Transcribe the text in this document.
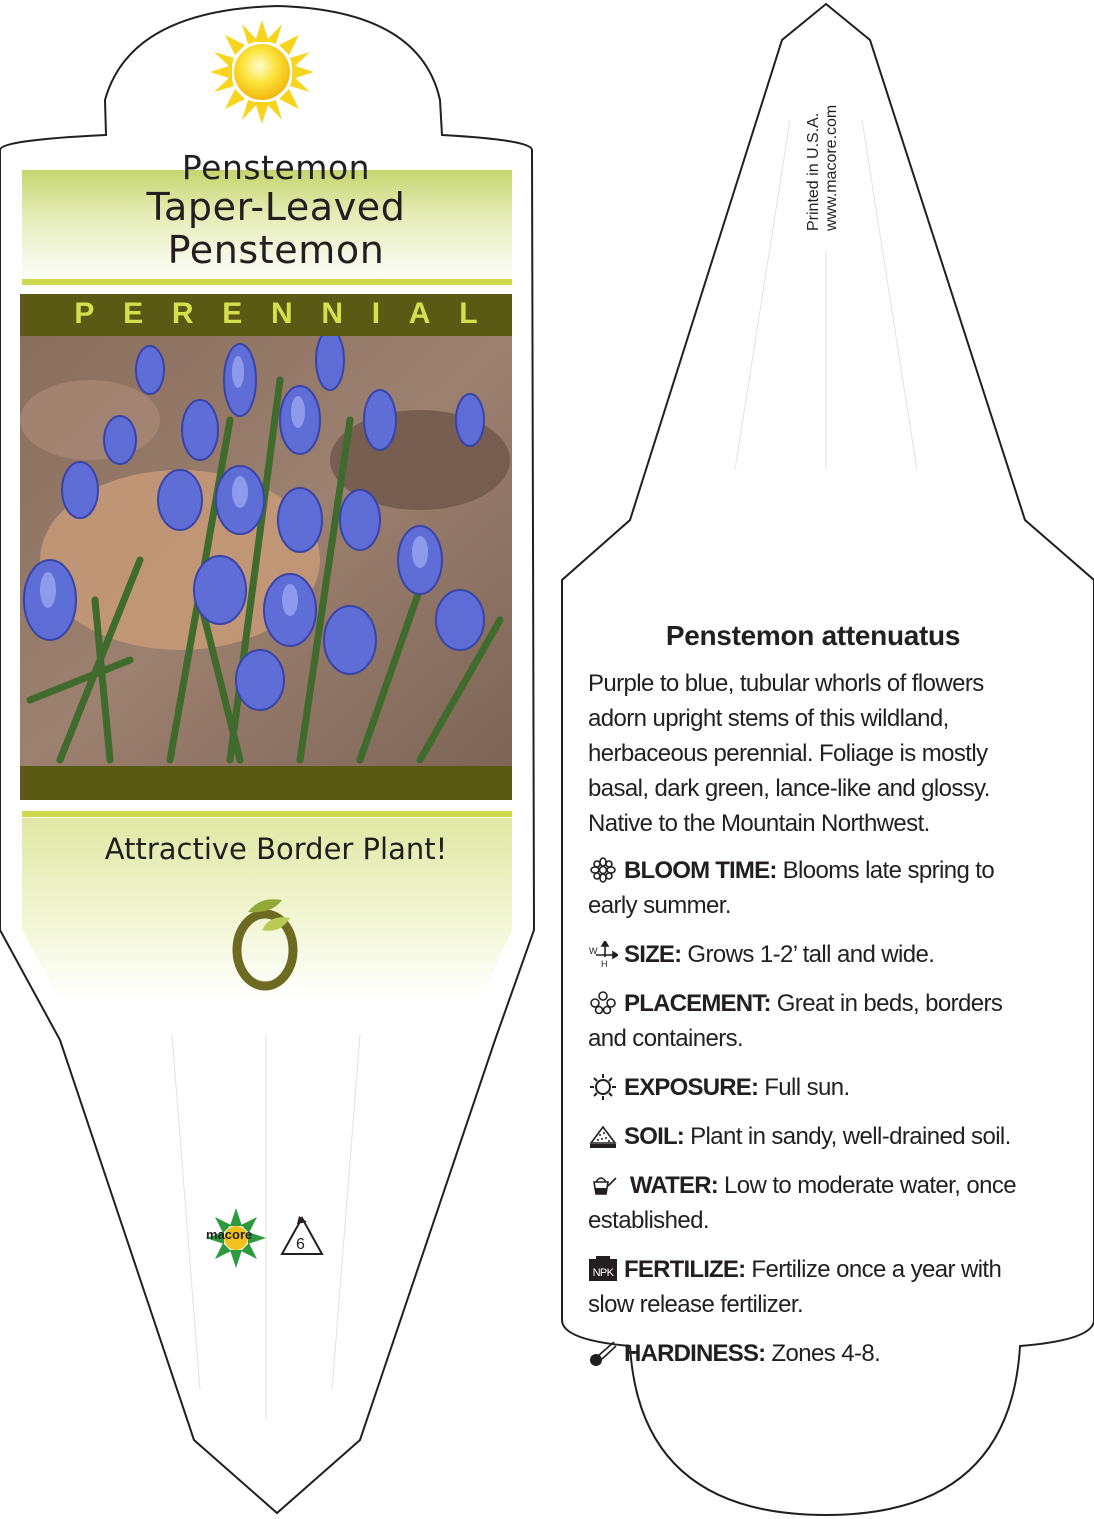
Penstemon
Taper-Leaved
Penstemon
P E R E N N I A L
Attractive Border Plant!
macore
6
Printed in U.S.A. www.macore.com
Penstemon attenuatus
Purple to blue, tubular whorls of flowers adorn upright stems of this wildland, herbaceous perennial. Foliage is mostly basal, dark green, lance-like and glossy. Native to the Mountain Northwest.
BLOOM TIME: Blooms late spring to early summer.
W
H SIZE: Grows 1-2’ tall and wide.
PLACEMENT: Great in beds, borders and containers.
EXPOSURE: Full sun.
SOIL: Plant in sandy, well-drained soil.
WATER: Low to moderate water, once established.
NPK FERTILIZE: Fertilize once a year with slow release fertilizer.
HARDINESS: Zones 4-8.
